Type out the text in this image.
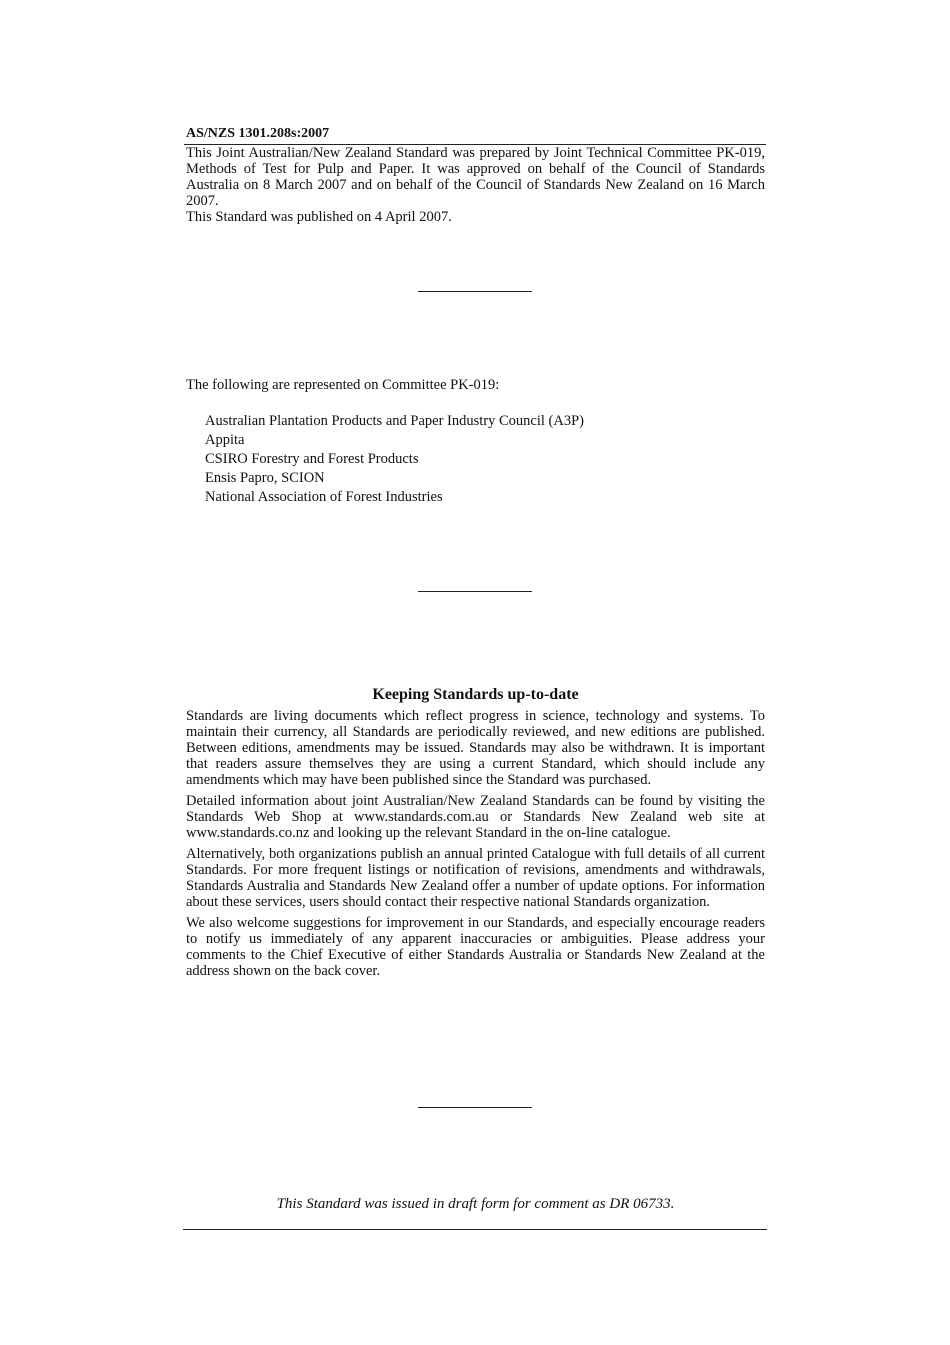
AS/NZS 1301.208s:2007

This Joint Australian/New Zealand Standard was prepared by Joint Technical Committee PK-019, Methods of Test for Pulp and Paper. It was approved on behalf of the Council of Standards Australia on 8 March 2007 and on behalf of the Council of Standards New Zealand on 16 March 2007.

This Standard was published on 4 April 2007.

The following are represented on Committee PK-019:
Australian Plantation Products and Paper Industry Council (A3P)
Appita
CSIRO Forestry and Forest Products
Ensis Papro, SCION
National Association of Forest Industries
Keeping Standards up-to-date

Standards are living documents which reflect progress in science, technology and systems. To maintain their currency, all Standards are periodically reviewed, and new editions are published. Between editions, amendments may be issued. Standards may also be withdrawn. It is important that readers assure themselves they are using a current Standard, which should include any amendments which may have been published since the Standard was purchased.

Detailed information about joint Australian/New Zealand Standards can be found by visiting the Standards Web Shop at www.standards.com.au or Standards New Zealand web site at www.standards.co.nz and looking up the relevant Standard in the on-line catalogue.

Alternatively, both organizations publish an annual printed Catalogue with full details of all current Standards. For more frequent listings or notification of revisions, amendments and withdrawals, Standards Australia and Standards New Zealand offer a number of update options. For information about these services, users should contact their respective national Standards organization.

We also welcome suggestions for improvement in our Standards, and especially encourage readers to notify us immediately of any apparent inaccuracies or ambiguities. Please address your comments to the Chief Executive of either Standards Australia or Standards New Zealand at the address shown on the back cover.

This Standard was issued in draft form for comment as DR 06733.
